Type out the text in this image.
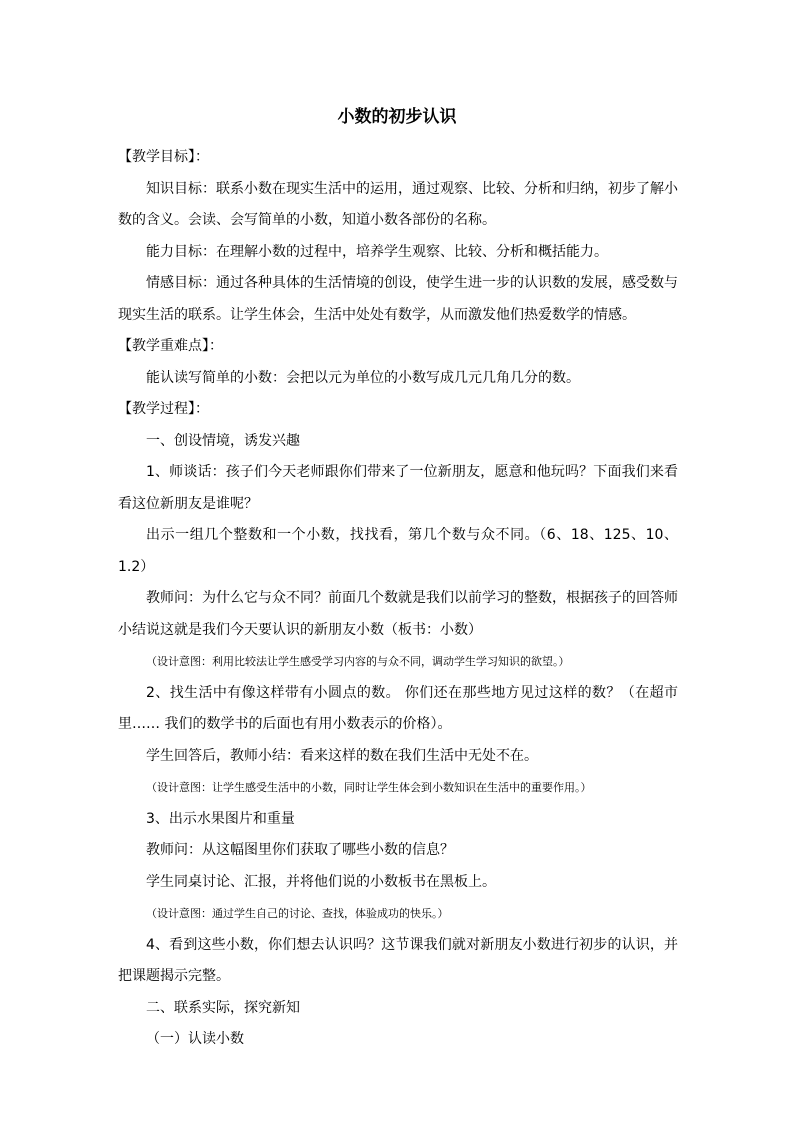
小数的初步认识

【教学目标】：

知识目标：联系小数在现实生活中的运用，通过观察、比较、分析和归纳，初步了解小数的含义。会读、会写简单的小数，知道小数各部份的名称。

能力目标：在理解小数的过程中，培养学生观察、比较、分析和概括能力。

情感目标：通过各种具体的生活情境的创设，使学生进一步的认识数的发展，感受数与现实生活的联系。让学生体会，生活中处处有数学，从而激发他们热爱数学的情感。

【教学重难点】：

能认读写简单的小数：会把以元为单位的小数写成几元几角几分的数。

【教学过程】：

一、创设情境，诱发兴趣

1、师谈话：孩子们今天老师跟你们带来了一位新朋友，愿意和他玩吗？下面我们来看看这位新朋友是谁呢？

出示一组几个整数和一个小数，找找看，第几个数与众不同。（6、18、125、10、1.2）

教师问：为什么它与众不同？前面几个数就是我们以前学习的整数，根据孩子的回答师小结说这就是我们今天要认识的新朋友小数（板书：小数）

（设计意图：利用比较法让学生感受学习内容的与众不同，调动学生学习知识的欲望。）

2、找生活中有像这样带有小圆点的数。 你们还在那些地方见过这样的数？（在超市里…… 我们的数学书的后面也有用小数表示的价格）。

学生回答后，教师小结：看来这样的数在我们生活中无处不在。

（设计意图：让学生感受生活中的小数，同时让学生体会到小数知识在生活中的重要作用。）

3、出示水果图片和重量

教师问：从这幅图里你们获取了哪些小数的信息？

学生同桌讨论、汇报，并将他们说的小数板书在黑板上。

（设计意图：通过学生自己的讨论、查找，体验成功的快乐。）

4、看到这些小数，你们想去认识吗？这节课我们就对新朋友小数进行初步的认识，并把课题揭示完整。

二、联系实际，探究新知

（一）认读小数
